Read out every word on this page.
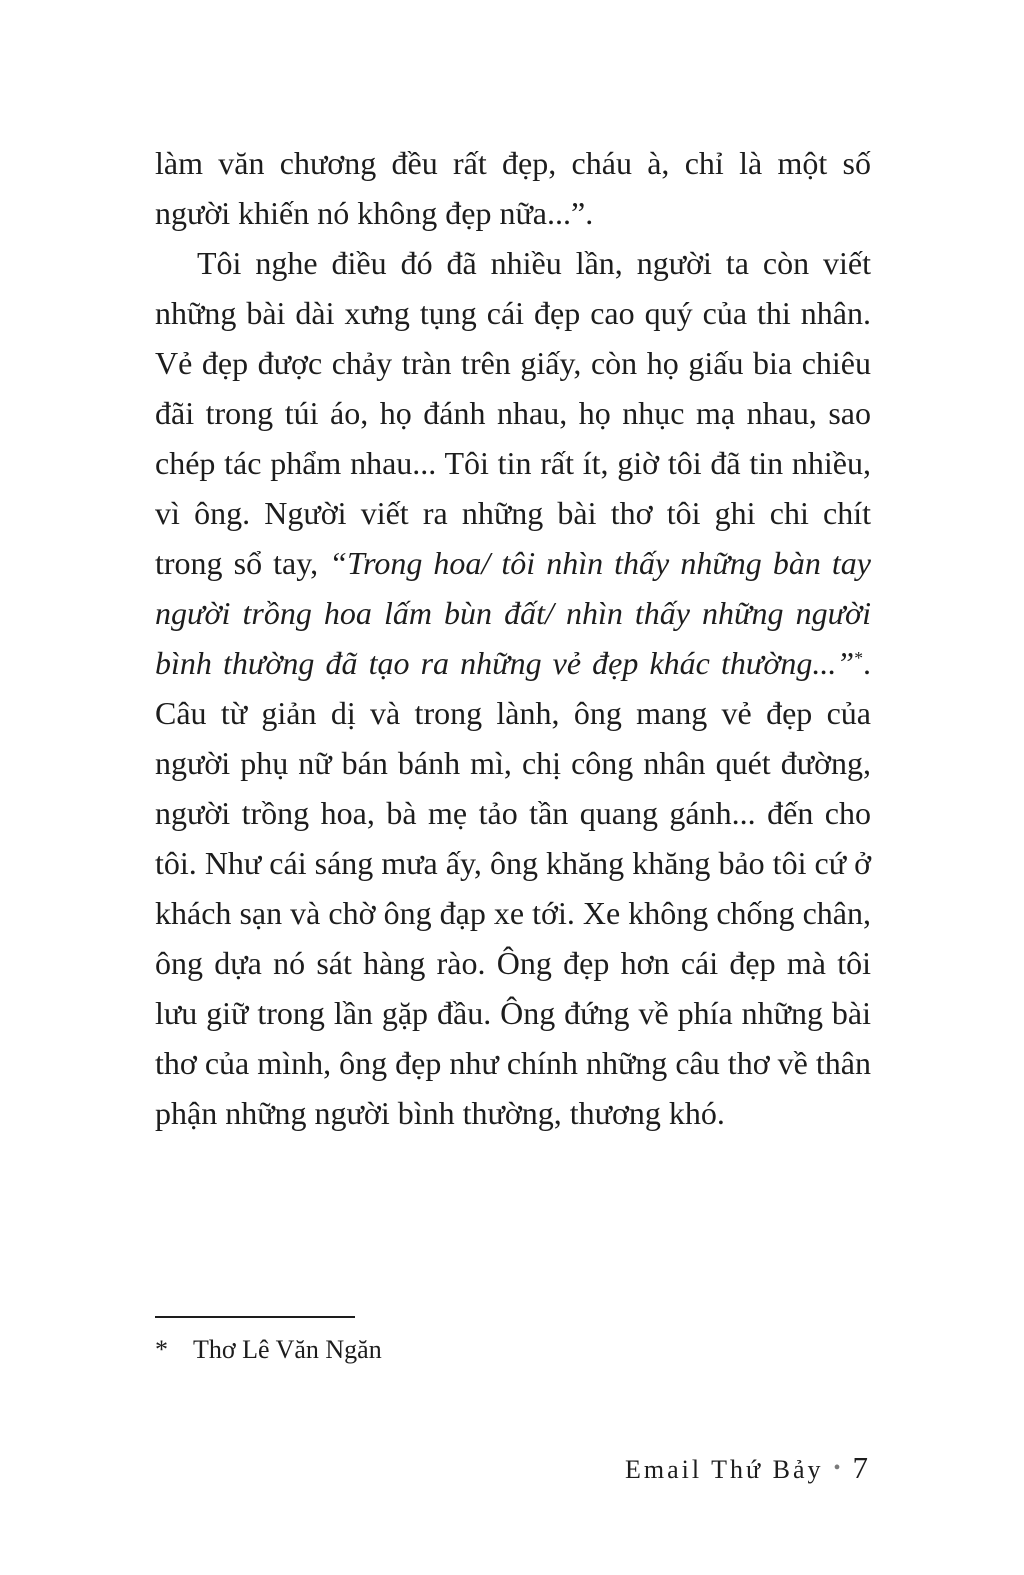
làm văn chương đều rất đẹp, cháu à, chỉ là một số người khiến nó không đẹp nữa...”.

Tôi nghe điều đó đã nhiều lần, người ta còn viết những bài dài xưng tụng cái đẹp cao quý của thi nhân. Vẻ đẹp được chảy tràn trên giấy, còn họ giấu bia chiêu đãi trong túi áo, họ đánh nhau, họ nhục mạ nhau, sao chép tác phẩm nhau... Tôi tin rất ít, giờ tôi đã tin nhiều, vì ông. Người viết ra những bài thơ tôi ghi chi chít trong sổ tay, “Trong hoa/ tôi nhìn thấy những bàn tay người trồng hoa lấm bùn đất/ nhìn thấy những người bình thường đã tạo ra những vẻ đẹp khác thường...”*. Câu từ giản dị và trong lành, ông mang vẻ đẹp của người phụ nữ bán bánh mì, chị công nhân quét đường, người trồng hoa, bà mẹ tảo tần quang gánh... đến cho tôi. Như cái sáng mưa ấy, ông khăng khăng bảo tôi cứ ở khách sạn và chờ ông đạp xe tới. Xe không chống chân, ông dựa nó sát hàng rào. Ông đẹp hơn cái đẹp mà tôi lưu giữ trong lần gặp đầu. Ông đứng về phía những bài thơ của mình, ông đẹp như chính những câu thơ về thân phận những người bình thường, thương khó.

* Thơ Lê Văn Ngăn
Email Thứ Bảy • 7
